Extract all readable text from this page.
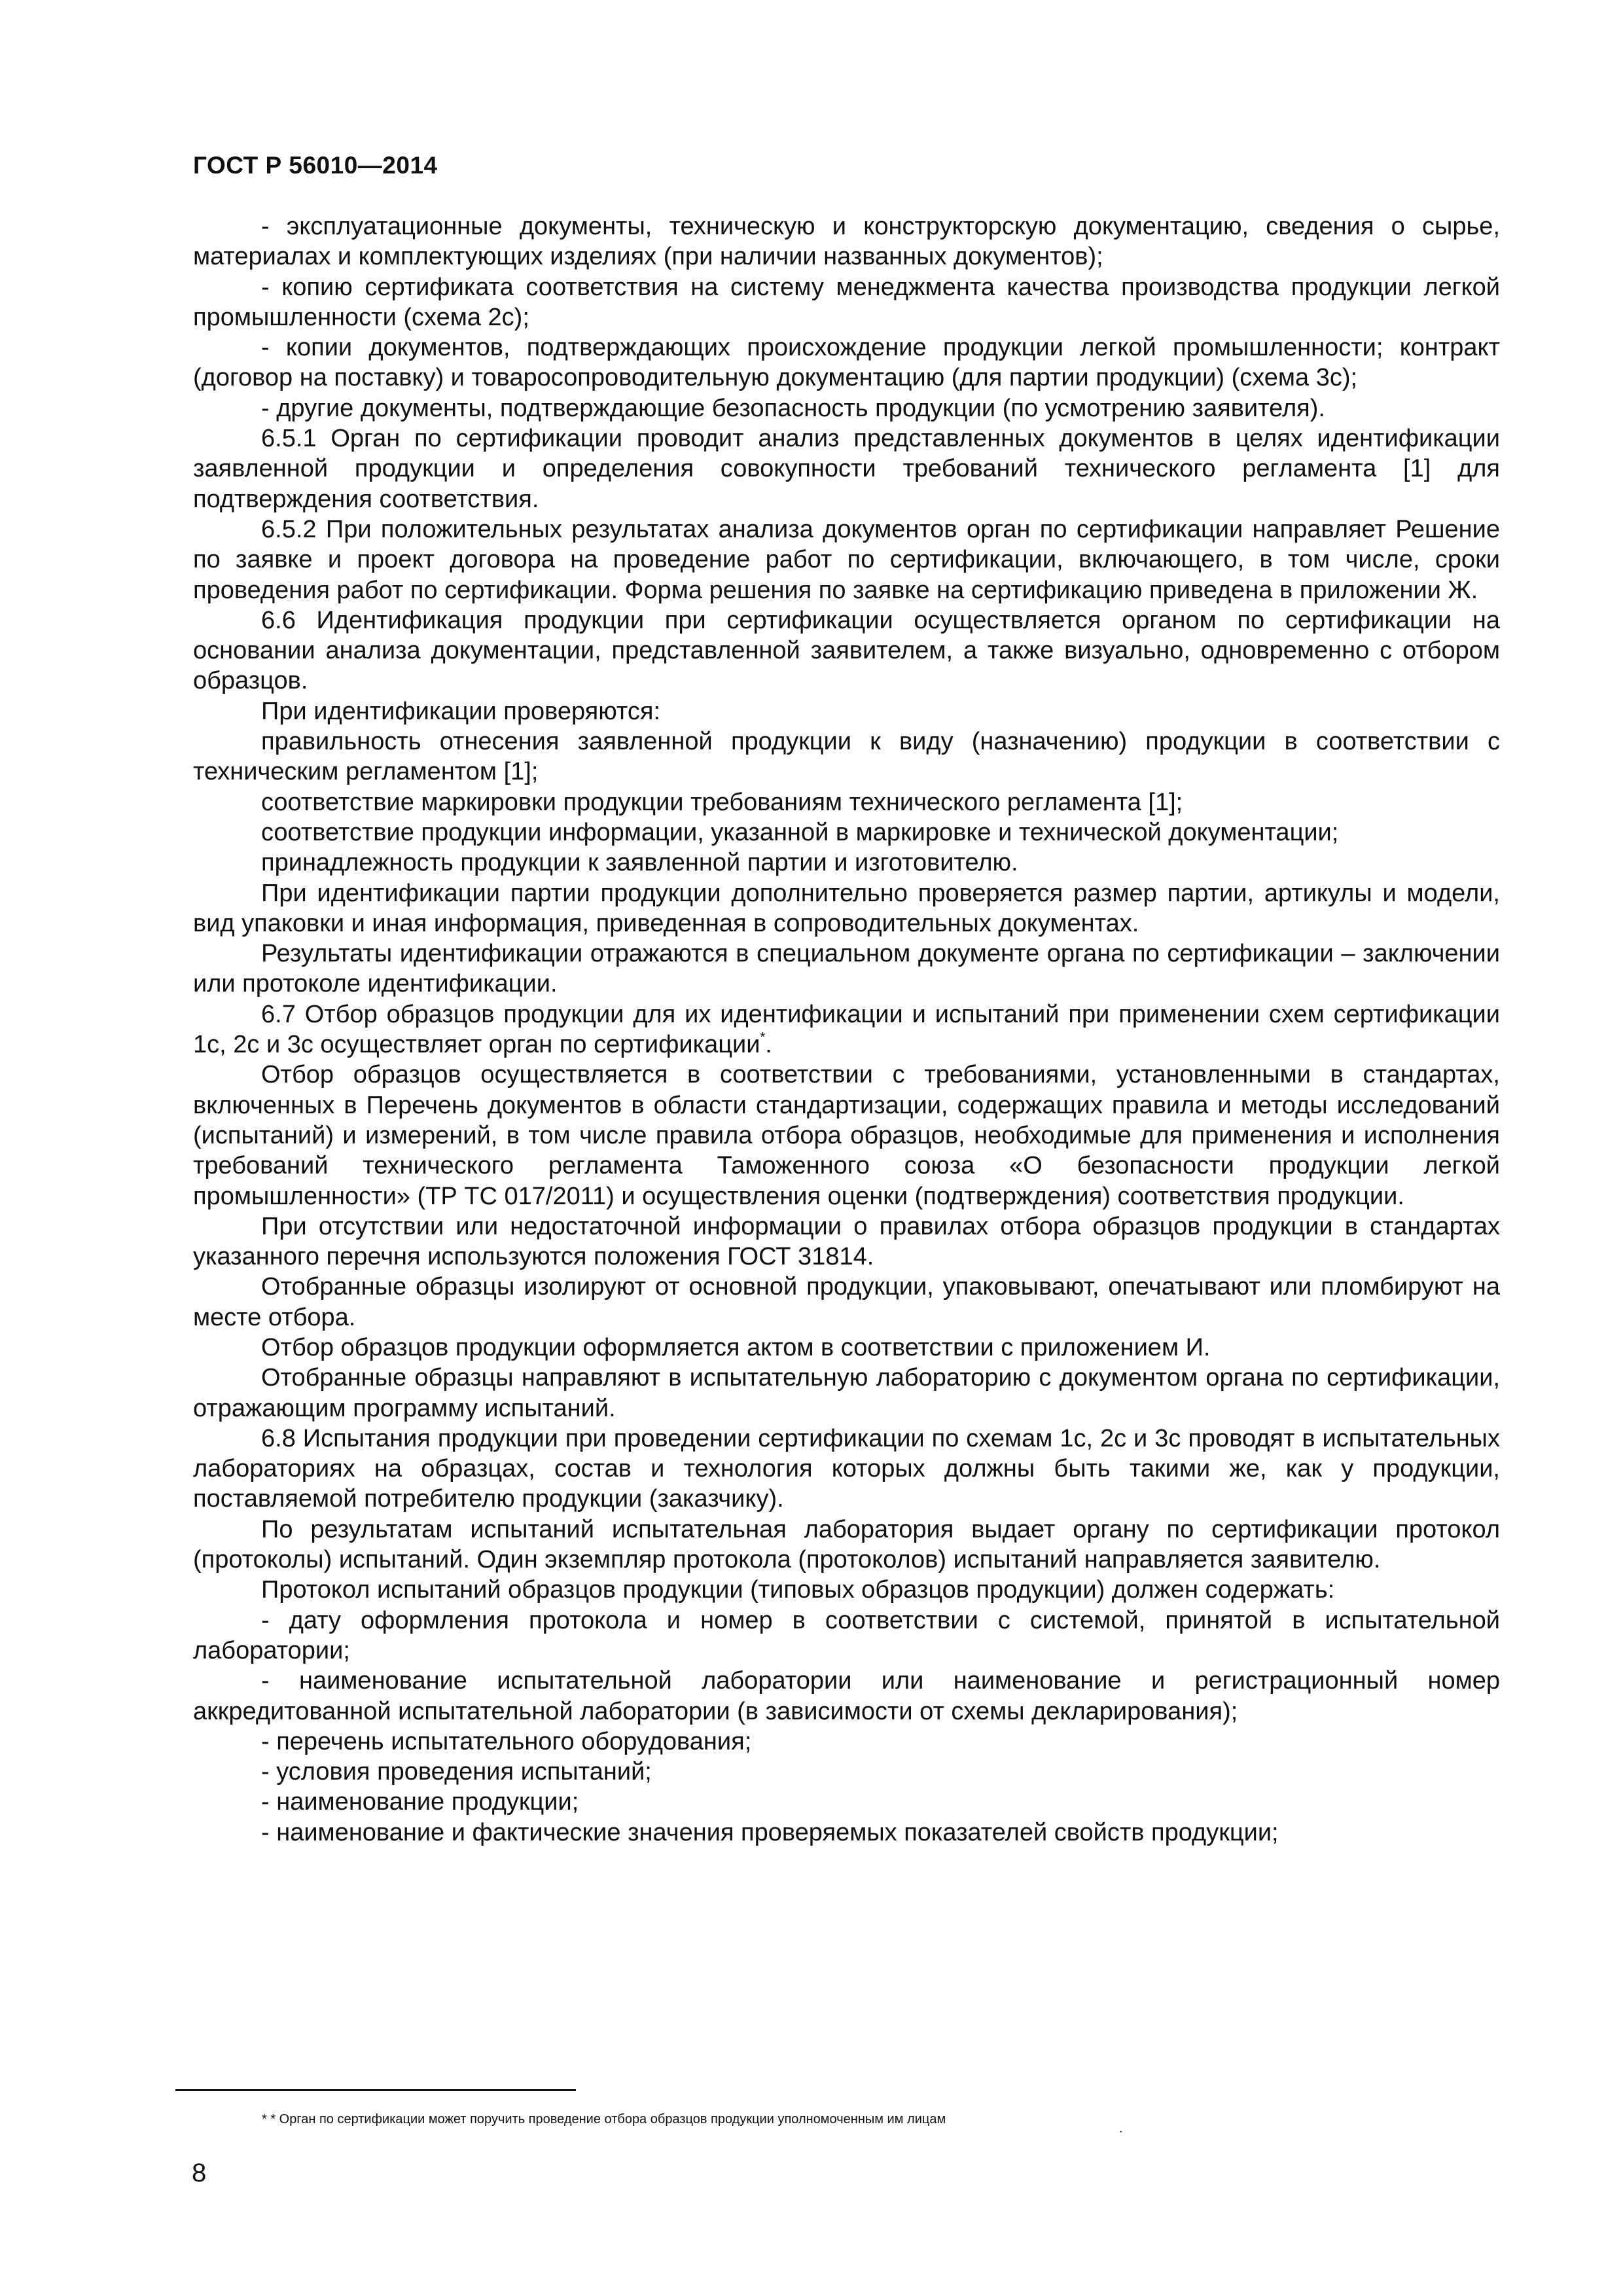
ГОСТ Р 56010—2014

- эксплуатационные документы, техническую и конструкторскую документацию, сведения о сырье, материалах и комплектующих изделиях (при наличии названных документов);

- копию сертификата соответствия на систему менеджмента качества производства продукции легкой промышленности (схема 2с);

- копии документов, подтверждающих происхождение продукции легкой промышленности; контракт (договор на поставку) и товаросопроводительную документацию (для партии продукции) (схема 3с);

- другие документы, подтверждающие безопасность продукции (по усмотрению заявителя).

6.5.1 Орган по сертификации проводит анализ представленных документов в целях идентификации заявленной продукции и определения совокупности требований технического регламента [1] для подтверждения соответствия.

6.5.2 При положительных результатах анализа документов орган по сертификации направляет Решение по заявке и проект договора на проведение работ по сертификации, включающего, в том числе, сроки проведения работ по сертификации. Форма решения по заявке на сертификацию приведена в приложении Ж.

6.6 Идентификация продукции при сертификации осуществляется органом по сертификации на основании анализа документации, представленной заявителем, а также визуально, одновременно с отбором образцов.

При идентификации проверяются:

правильность отнесения заявленной продукции к виду (назначению) продукции в соответствии с техническим регламентом [1];

соответствие маркировки продукции требованиям технического регламента [1];

соответствие продукции информации, указанной в маркировке и технической документации;

принадлежность продукции к заявленной партии и изготовителю.

При идентификации партии продукции дополнительно проверяется размер партии, артикулы и модели, вид упаковки и иная информация, приведенная в сопроводительных документах.

Результаты идентификации отражаются в специальном документе органа по сертификации – заключении или протоколе идентификации.

6.7 Отбор образцов продукции для их идентификации и испытаний при применении схем сертификации 1с, 2с и 3с осуществляет орган по сертификации*.

Отбор образцов осуществляется в соответствии с требованиями, установленными в стандартах, включенных в Перечень документов в области стандартизации, содержащих правила и методы исследований (испытаний) и измерений, в том числе правила отбора образцов, необходимые для применения и исполнения требований технического регламента Таможенного союза «О безопасности продукции легкой промышленности» (ТР ТС 017/2011) и осуществления оценки (подтверждения) соответствия продукции.

При отсутствии или недостаточной информации о правилах отбора образцов продукции в стандартах указанного перечня используются положения ГОСТ 31814.

Отобранные образцы изолируют от основной продукции, упаковывают, опечатывают или пломбируют на месте отбора.

Отбор образцов продукции оформляется актом в соответствии с приложением И.

Отобранные образцы направляют в испытательную лабораторию с документом органа по сертификации, отражающим программу испытаний.

6.8 Испытания продукции при проведении сертификации по схемам 1с, 2с и 3с проводят в испытательных лабораториях на образцах, состав и технология которых должны быть такими же, как у продукции, поставляемой потребителю продукции (заказчику).

По результатам испытаний испытательная лаборатория выдает органу по сертификации протокол (протоколы) испытаний. Один экземпляр протокола (протоколов) испытаний направляется заявителю.

Протокол испытаний образцов продукции (типовых образцов продукции) должен содержать:

- дату оформления протокола и номер в соответствии с системой, принятой в испытательной лаборатории;

- наименование испытательной лаборатории или наименование и регистрационный номер аккредитованной испытательной лаборатории (в зависимости от схемы декларирования);

- перечень испытательного оборудования;

- условия проведения испытаний;

- наименование продукции;

- наименование и фактические значения проверяемых показателей свойств продукции;

* * Орган по сертификации может поручить проведение отбора образцов продукции уполномоченным им лицам
.
8
